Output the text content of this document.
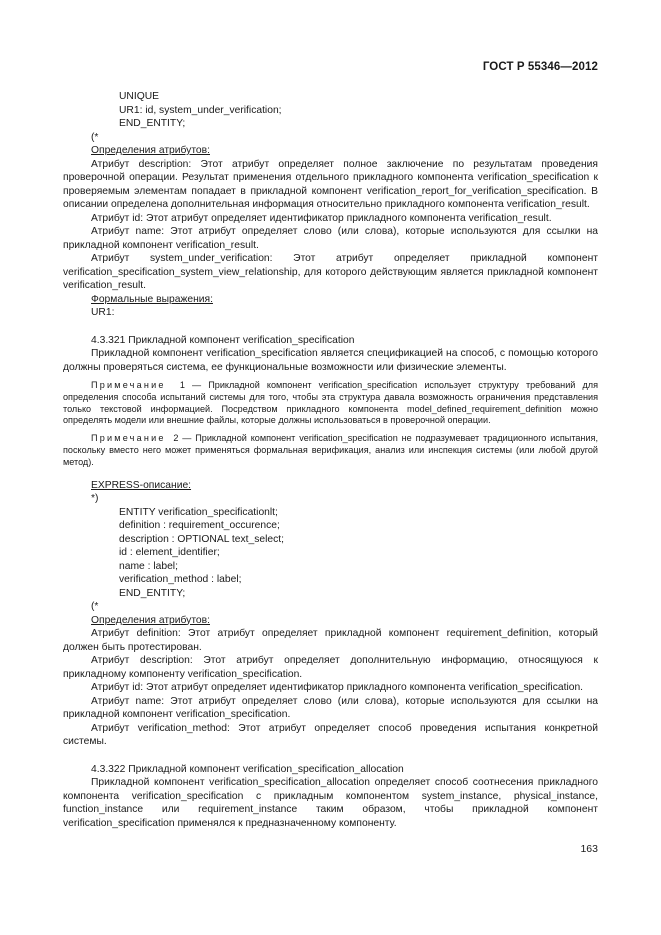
ГОСТ Р 55346—2012

UNIQUE

UR1: id, system_under_verification;

END_ENTITY;

(*

Определения атрибутов:

Атрибут description: Этот атрибут определяет полное заключение по результатам проведения проверочной операции. Результат применения отдельного прикладного компонента verification_specification к проверяемым элементам попадает в прикладной компонент verification_report_for_verification_specification. В описании определена дополнительная информация относительно прикладного компонента verification_result.

Атрибут id: Этот атрибут определяет идентификатор прикладного компонента verification_result.

Атрибут name: Этот атрибут определяет слово (или слова), которые используются для ссылки на прикладной компонент verification_result.

Атрибут system_under_verification: Этот атрибут определяет прикладной компонент verification_specification_system_view_relationship, для которого действующим является прикладной компонент verification_result.

Формальные выражения:

UR1:

4.3.321 Прикладной компонент verification_specification

Прикладной компонент verification_specification является спецификацией на способ, с помощью которого должны проверяться система, ее функциональные возможности или физические элементы.

Примечание 1 — Прикладной компонент verification_specification использует структуру требований для определения способа испытаний системы для того, чтобы эта структура давала возможность ограничения представления только текстовой информацией. Посредством прикладного компонента model_defined_requirement_definition можно определять модели или внешние файлы, которые должны использоваться в проверочной операции.

Примечание 2 — Прикладной компонент verification_specification не подразумевает традиционного испытания, поскольку вместо него может применяться формальная верификация, анализ или инспекция системы (или любой другой метод).

EXPRESS-описание:

*)

ENTITY verification_specificationlt;

definition : requirement_occurence;

description : OPTIONAL text_select;

id : element_identifier;

name : label;

verification_method : label;

END_ENTITY;

(*

Определения атрибутов:

Атрибут definition: Этот атрибут определяет прикладной компонент requirement_definition, который должен быть протестирован.

Атрибут description: Этот атрибут определяет дополнительную информацию, относящуюся к прикладному компоненту verification_specification.

Атрибут id: Этот атрибут определяет идентификатор прикладного компонента verification_specification.

Атрибут name: Этот атрибут определяет слово (или слова), которые используются для ссылки на прикладной компонент verification_specification.

Атрибут verification_method: Этот атрибут определяет способ проведения испытания конкретной системы.

4.3.322 Прикладной компонент verification_specification_allocation

Прикладной компонент verification_specification_allocation определяет способ соотнесения прикладного компонента verification_specification с прикладным компонентом system_instance, physical_instance, function_instance или requirement_instance таким образом, чтобы прикладной компонент verification_specification применялся к предназначенному компоненту.

163
